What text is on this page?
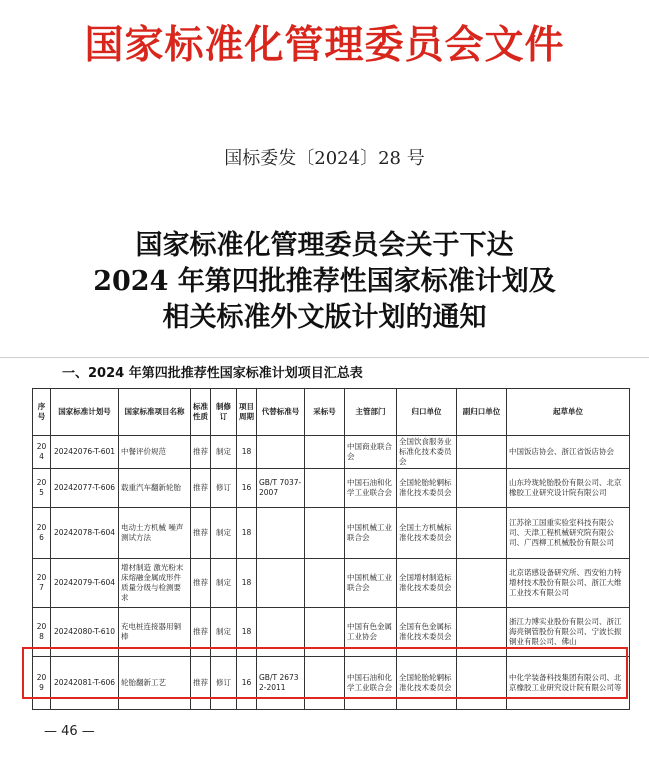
国家标准化管理委员会文件
国标委发〔2024〕28 号
国家标准化管理委员会关于下达
2024 年第四批推荐性国家标准计划及
相关标准外文版计划的通知
一、2024 年第四批推荐性国家标准计划项目汇总表
序号	国家标准计划号	国家标准项目名称	标准性质	制修订	项目周期	代替标准号	采标号	主管部门	归口单位	副归口单位	起草单位
204	20242076-T-601	中餐评价规范	推荐	制定	18			中国商业联合会	全国饮食服务业标准化技术委员会		中国饭店协会、浙江省饭店协会
205	20242077-T-606	载重汽车翻新轮胎	推荐	修订	16	GB/T 7037-2007		中国石油和化学工业联合会	全国轮胎轮辋标准化技术委员会		山东玲珑轮胎股份有限公司、北京橡胶工业研究设计院有限公司
206	20242078-T-604	电动土方机械 噪声测试方法	推荐	制定	18			中国机械工业联合会	全国土方机械标准化技术委员会		江苏徐工国重实验室科技有限公司、天津工程机械研究院有限公司、广西柳工机械股份有限公司
207	20242079-T-604	增材制造 激光粉末床熔融金属成形件质量分级与检测要求	推荐	制定	18			中国机械工业联合会	全国增材制造标准化技术委员会		北京诺感设备研究所、西安铂力特增材技术股份有限公司、浙江大维工业技术有限公司
208	20242080-T-610	充电桩连接器用铜棒	推荐	制定	18			中国有色金属工业协会	全国有色金属标准化技术委员会		浙江力博实业股份有限公司、浙江海亮铜管股份有限公司、宁波长振铜业有限公司、佛山
209	20242081-T-606	轮胎翻新工艺	推荐	修订	16	GB/T 26732-2011		中国石油和化学工业联合会	全国轮胎轮辋标准化技术委员会		中化学装备科技集团有限公司、北京橡胶工业研究设计院有限公司等
— 46 —
